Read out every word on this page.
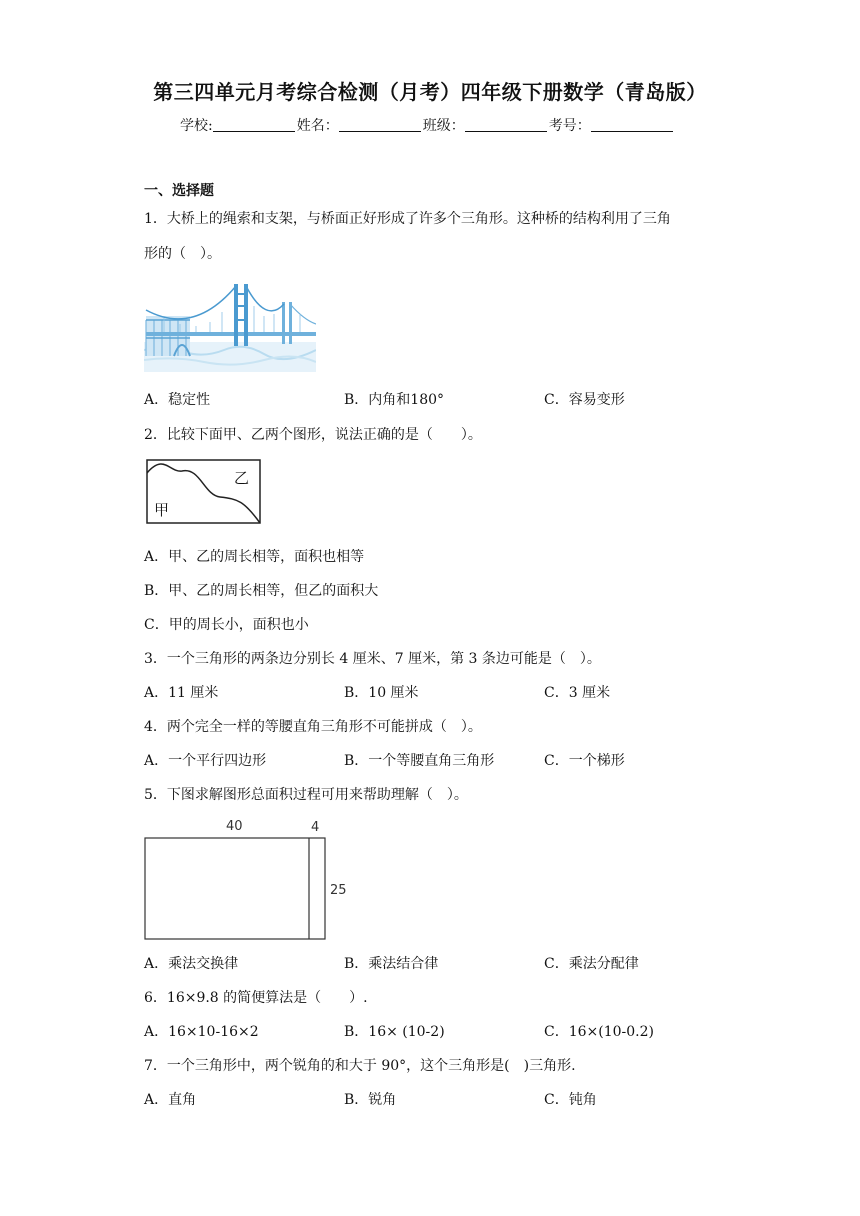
第三四单元月考综合检测（月考）四年级下册数学（青岛版）
学校:	姓名：	班级：	考号：
一、选择题
1．大桥上的绳索和支架，与桥面正好形成了许多个三角形。这种桥的结构利用了三角
形的（　）。
A．稳定性	B．内角和180°	C．容易变形
2．比较下面甲、乙两个图形，说法正确的是（　　）。
乙
甲
A．甲、乙的周长相等，面积也相等
B．甲、乙的周长相等，但乙的面积大
C．甲的周长小，面积也小
3．一个三角形的两条边分别长 4 厘米、7 厘米，第 3 条边可能是（　）。
A．11 厘米	B．10 厘米	C．3 厘米
4．两个完全一样的等腰直角三角形不可能拼成（　）。
A．一个平行四边形	B．一个等腰直角三角形	C．一个梯形
5．下图求解图形总面积过程可用来帮助理解（　）。
40	4
25
A．乘法交换律	B．乘法结合律	C．乘法分配律
6．16×9.8 的简便算法是（　　）.
A．16×10-16×2	B．16× (10-2)	C．16×(10-0.2)
7．一个三角形中，两个锐角的和大于 90°，这个三角形是(　)三角形.
A．直角	B．锐角	C．钝角
